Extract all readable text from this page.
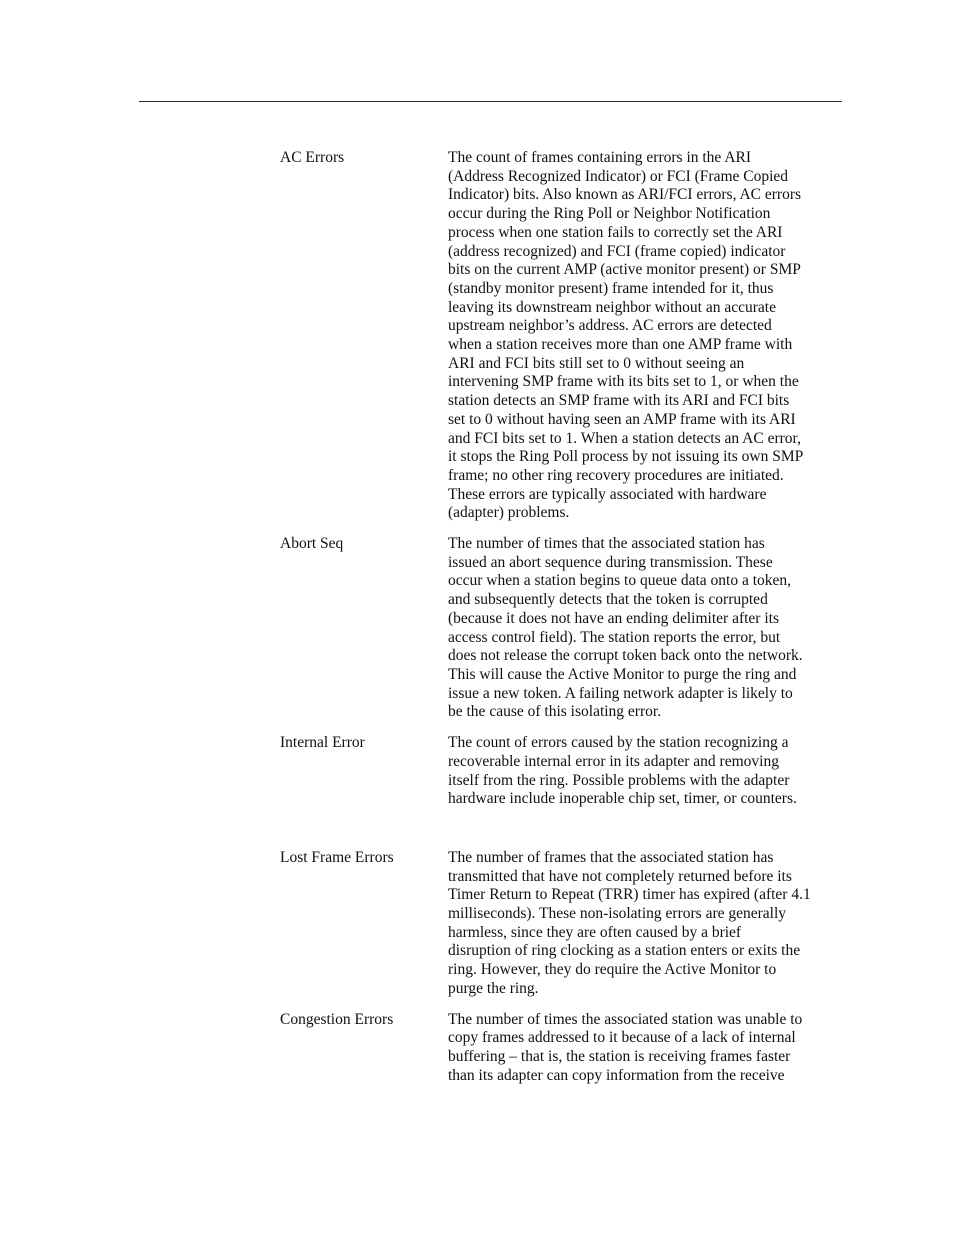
AC Errors	The count of frames containing errors in the ARI
(Address Recognized Indicator) or FCI (Frame Copied
Indicator) bits. Also known as ARI/FCI errors, AC errors
occur during the Ring Poll or Neighbor Notification
process when one station fails to correctly set the ARI
(address recognized) and FCI (frame copied) indicator
bits on the current AMP (active monitor present) or SMP
(standby monitor present) frame intended for it, thus
leaving its downstream neighbor without an accurate
upstream neighbor’s address. AC errors are detected
when a station receives more than one AMP frame with
ARI and FCI bits still set to 0 without seeing an
intervening SMP frame with its bits set to 1, or when the
station detects an SMP frame with its ARI and FCI bits
set to 0 without having seen an AMP frame with its ARI
and FCI bits set to 1. When a station detects an AC error,
it stops the Ring Poll process by not issuing its own SMP
frame; no other ring recovery procedures are initiated.
These errors are typically associated with hardware
(adapter) problems.
Abort Seq	The number of times that the associated station has
issued an abort sequence during transmission. These
occur when a station begins to queue data onto a token,
and subsequently detects that the token is corrupted
(because it does not have an ending delimiter after its
access control field). The station reports the error, but
does not release the corrupt token back onto the network.
This will cause the Active Monitor to purge the ring and
issue a new token. A failing network adapter is likely to
be the cause of this isolating error.
Internal Error	The count of errors caused by the station recognizing a
recoverable internal error in its adapter and removing
itself from the ring. Possible problems with the adapter
hardware include inoperable chip set, timer, or counters.
Lost Frame Errors	The number of frames that the associated station has
transmitted that have not completely returned before its
Timer Return to Repeat (TRR) timer has expired (after 4.1
milliseconds). These non-isolating errors are generally
harmless, since they are often caused by a brief
disruption of ring clocking as a station enters or exits the
ring. However, they do require the Active Monitor to
purge the ring.
Congestion Errors	The number of times the associated station was unable to
copy frames addressed to it because of a lack of internal
buffering – that is, the station is receiving frames faster
than its adapter can copy information from the receive
